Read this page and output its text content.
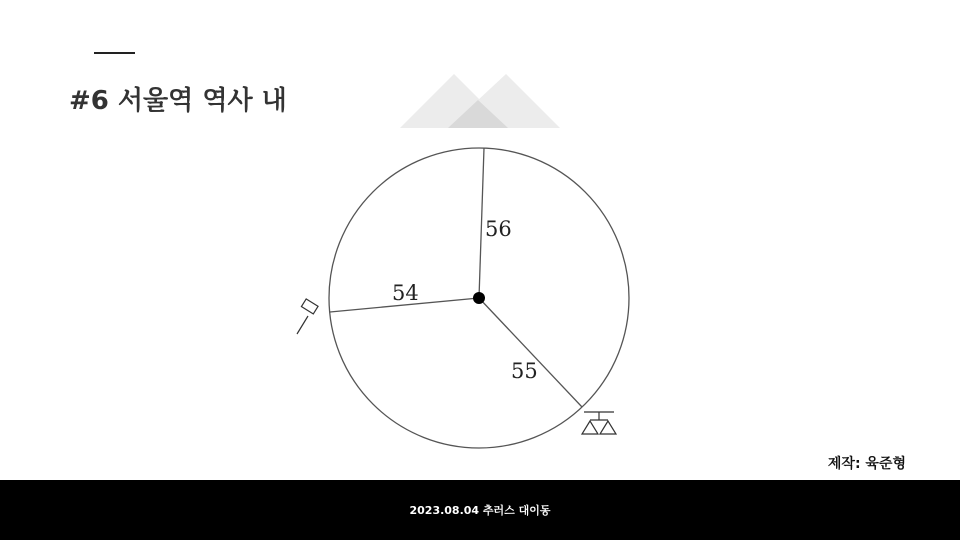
#6 서울역 역사 내
56
54
55
제작: 육준형
2023.08.04 추러스 대이동
